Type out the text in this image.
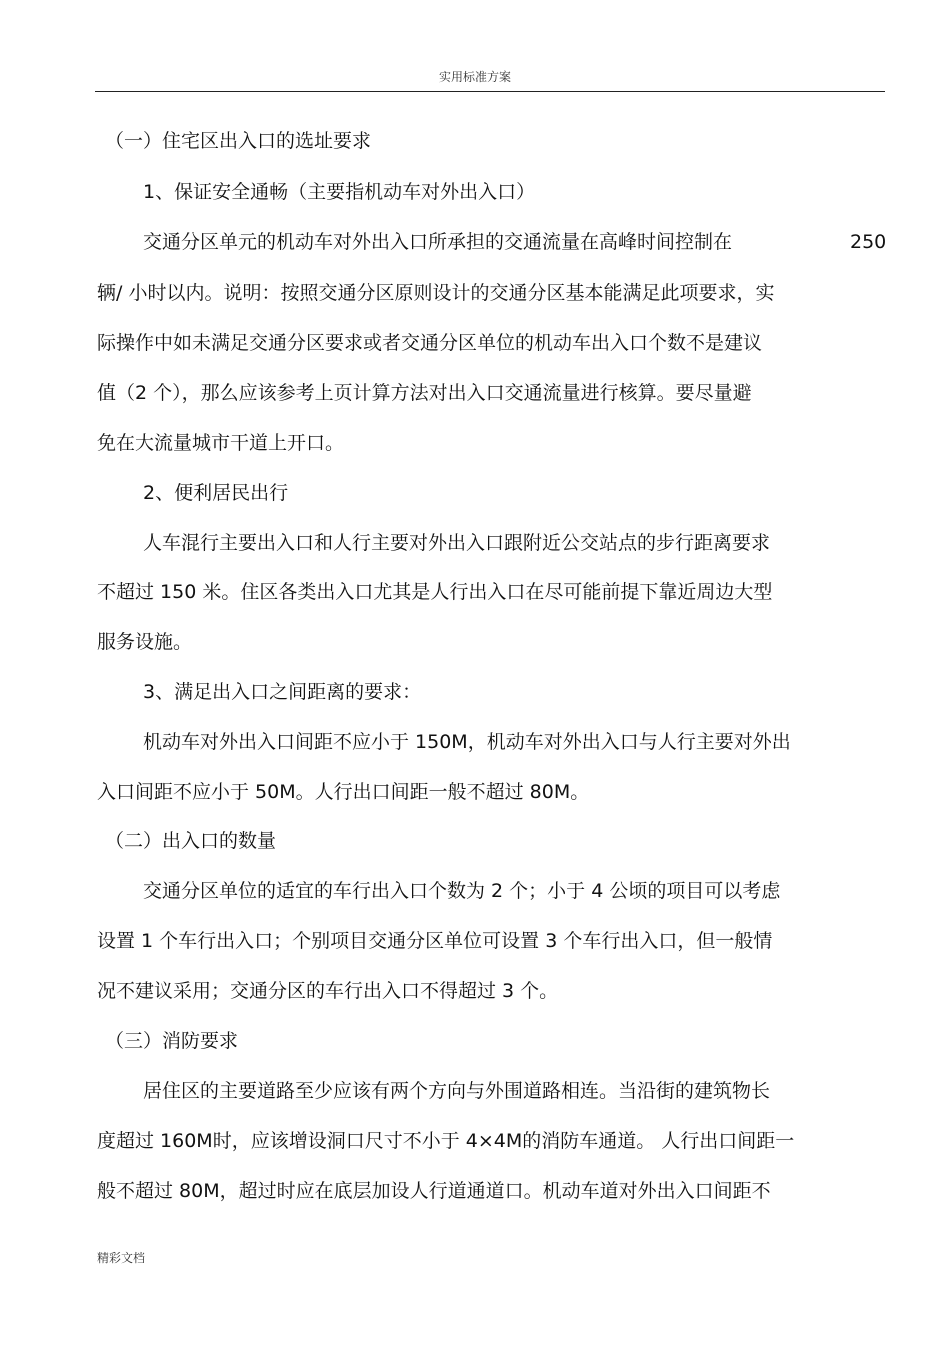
实用标准方案
（一）住宅区出入口的选址要求
1、保证安全通畅（主要指机动车对外出入口）
交通分区单元的机动车对外出入口所承担的交通流量在高峰时间控制在	250
辆/ 小时以内。说明：按照交通分区原则设计的交通分区基本能满足此项要求，实
际操作中如未满足交通分区要求或者交通分区单位的机动车出入口个数不是建议
值（2 个），那么应该参考上页计算方法对出入口交通流量进行核算。要尽量避
免在大流量城市干道上开口。
2、便利居民出行
人车混行主要出入口和人行主要对外出入口跟附近公交站点的步行距离要求
不超过 150 米。住区各类出入口尤其是人行出入口在尽可能前提下靠近周边大型
服务设施。
3、满足出入口之间距离的要求：
机动车对外出入口间距不应小于 150M，机动车对外出入口与人行主要对外出
入口间距不应小于 50M。人行出口间距一般不超过 80M。
（二）出入口的数量
交通分区单位的适宜的车行出入口个数为 2 个；小于 4 公顷的项目可以考虑
设置 1 个车行出入口；个别项目交通分区单位可设置 3 个车行出入口，但一般情
况不建议采用；交通分区的车行出入口不得超过 3 个。
（三）消防要求
居住区的主要道路至少应该有两个方向与外围道路相连。当沿街的建筑物长
度超过 160M时，应该增设洞口尺寸不小于 4×4M的消防车通道。 人行出口间距一
般不超过 80M，超过时应在底层加设人行道通道口。机动车道对外出入口间距不
精彩文档
